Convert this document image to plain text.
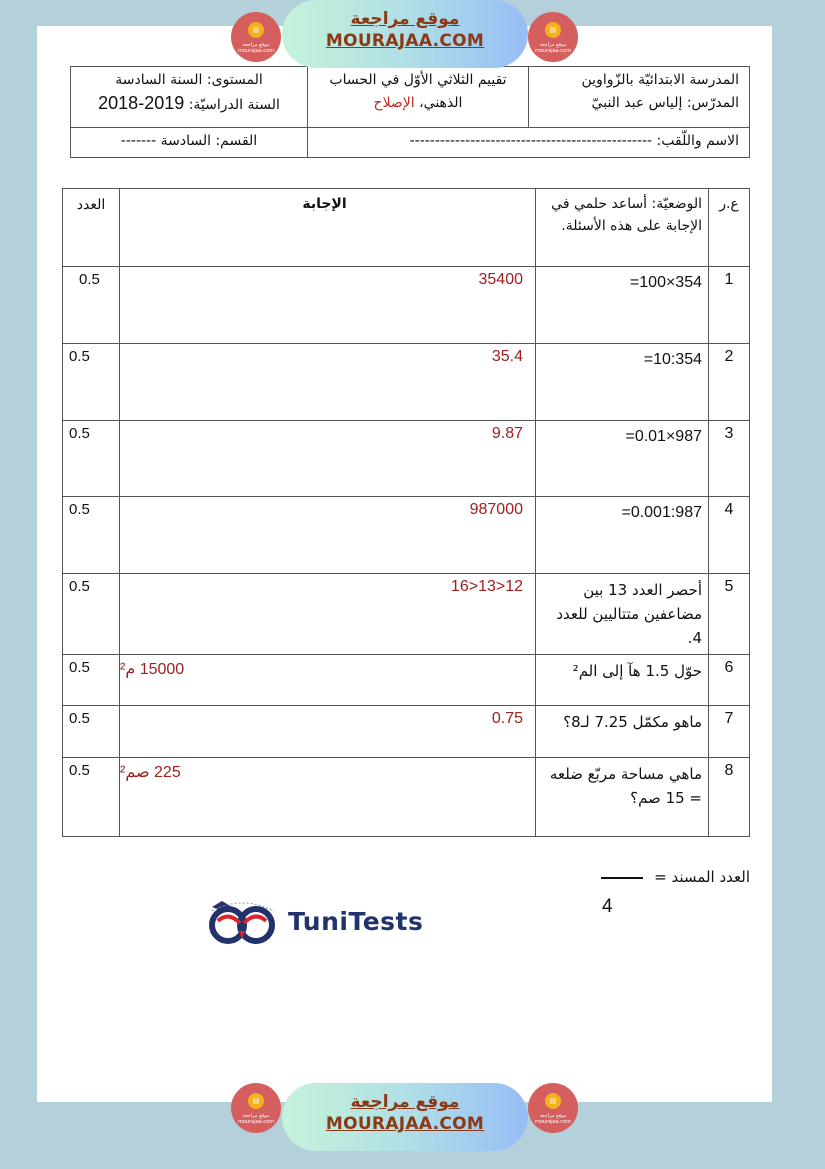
▤
موقع مراجعة
mourajaa.com
موقع مراجعة
MOURAJAA.COM
▤
موقع مراجعة
mourajaa.com
المدرسة الابتدائيّة بالزّواوين
المدرّس: إلياس عبد النبيّ

تقييم الثلاثي الأوّل في الحساب
الذهني، الإصلاح

المستوى: السنة السادسة
السنة الدراسيّة: 2019-2018

الاسم واللّقب: ------------------------------------------------		القسم: السادسة -------
ع.ر	الوضعيّة: أساعد حلمي في الإجابة على هذه الأسئلة.	الإجابة	العدد
1	=100×354	35400	0.5
2	=10:354	35.4	0.5
3	=0.01×987	9.87	0.5
4	=0.001:987	987000	0.5
5	أحصر العدد 13 بين مضاعفين متتاليين للعدد 4.	16>13>12	0.5
6	حوّل 1.5 هآ إلى الم²	15000 م²	0.5
7	ماهو مكمّل 7.25 لـ8؟	0.75	0.5
8	ماهي مساحة مربّع ضلعه = 15 صم؟	225 صم²	0.5
العدد المسند =
4
TuniTests
▤
موقع مراجعة
mourajaa.com
موقع مراجعة
MOURAJAA.COM
▤
موقع مراجعة
mourajaa.com
